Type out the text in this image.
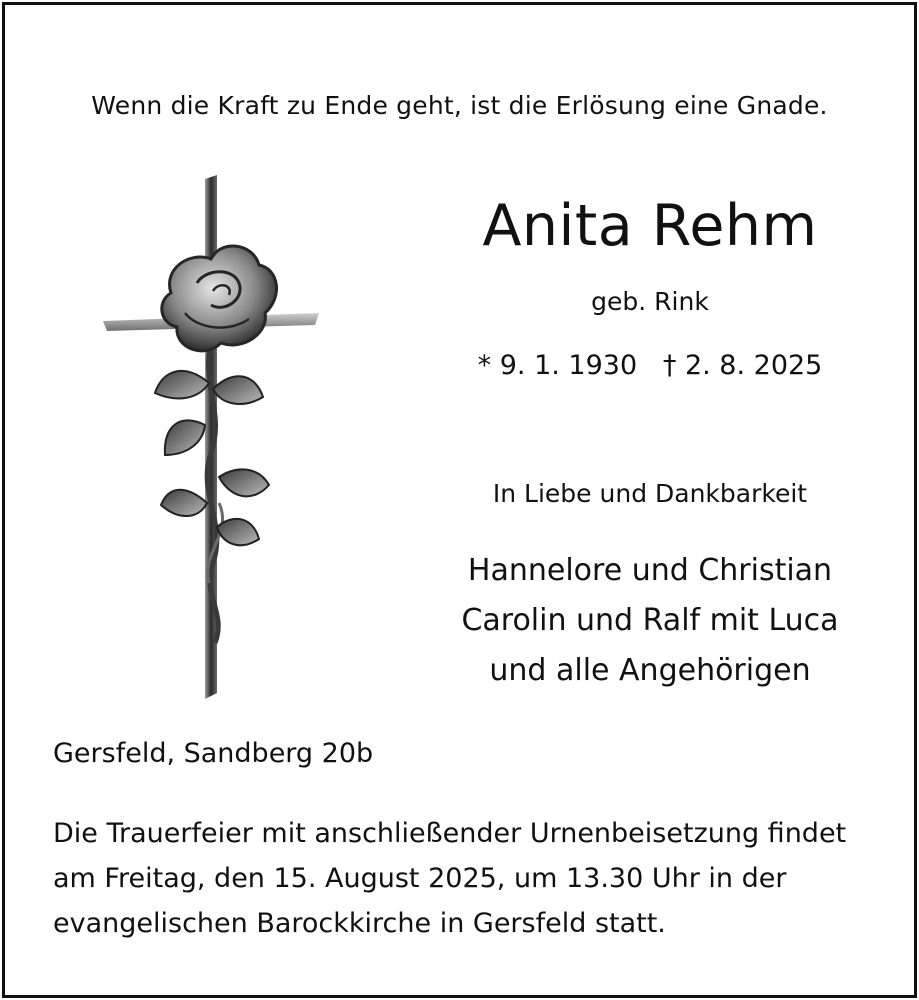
Wenn die Kraft zu Ende geht, ist die Erlösung eine Gnade.
Anita Rehm
geb. Rink
* 9. 1. 1930 † 2. 8. 2025
In Liebe und Dankbarkeit
Hannelore und Christian
Carolin und Ralf mit Luca
und alle Angehörigen
Gersfeld, Sandberg 20b
Die Trauerfeier mit anschließender Urnenbeisetzung findet
am Freitag, den 15. August 2025, um 13.30 Uhr in der
evangelischen Barockkirche in Gersfeld statt.
